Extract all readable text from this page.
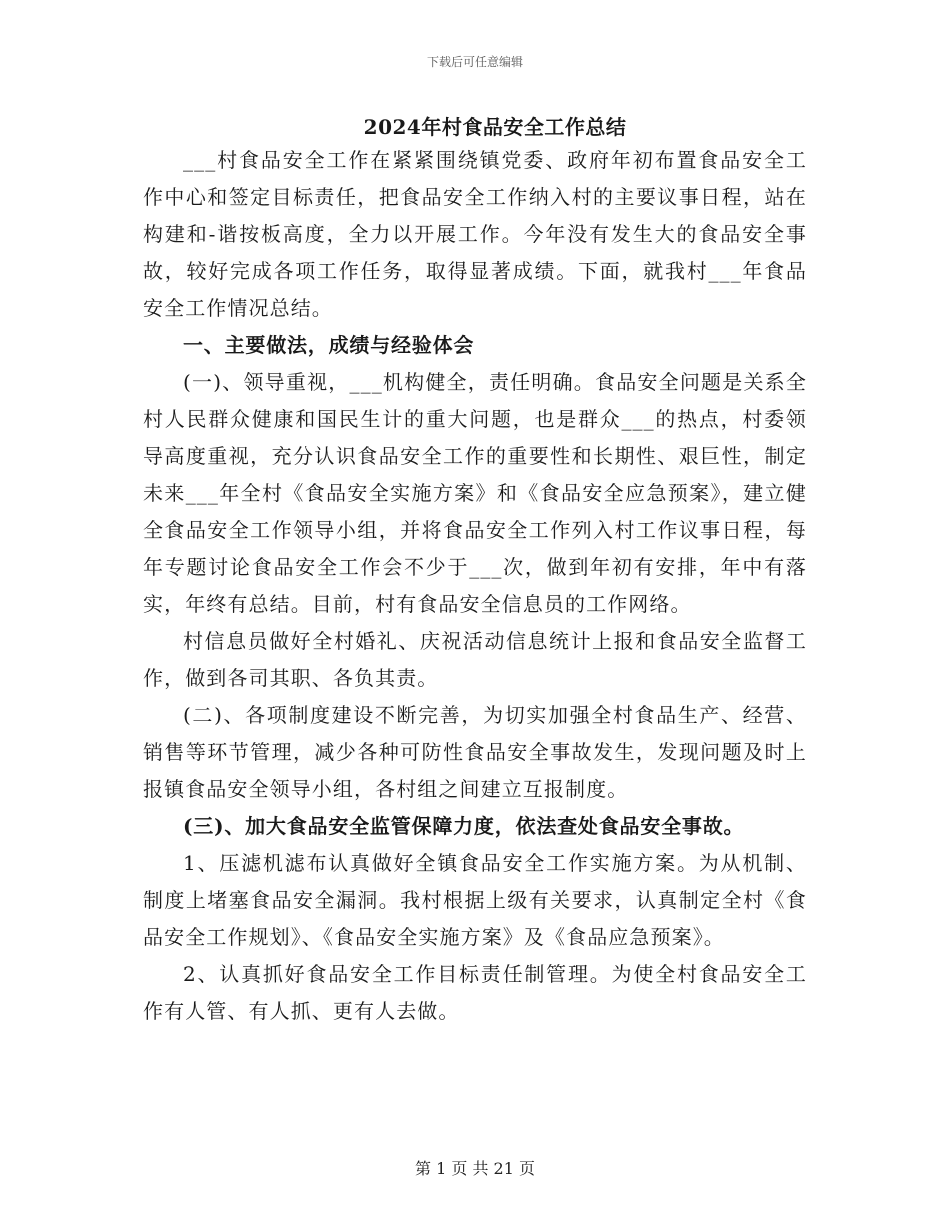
下载后可任意编辑
2024年村食品安全工作总结

___村食品安全工作在紧紧围绕镇党委、政府年初布置食品安全工作中心和签定目标责任，把食品安全工作纳入村的主要议事日程，站在构建和-谐按板高度，全力以开展工作。今年没有发生大的食品安全事故，较好完成各项工作任务，取得显著成绩。下面，就我村___年食品安全工作情况总结。

一、主要做法，成绩与经验体会

(一)、领导重视，___机构健全，责任明确。食品安全问题是关系全村人民群众健康和国民生计的重大问题，也是群众___的热点，村委领导高度重视，充分认识食品安全工作的重要性和长期性、艰巨性，制定未来___年全村《食品安全实施方案》和《食品安全应急预案》，建立健全食品安全工作领导小组，并将食品安全工作列入村工作议事日程，每年专题讨论食品安全工作会不少于___次，做到年初有安排，年中有落实，年终有总结。目前，村有食品安全信息员的工作网络。

村信息员做好全村婚礼、庆祝活动信息统计上报和食品安全监督工作，做到各司其职、各负其责。

(二)、各项制度建设不断完善，为切实加强全村食品生产、经营、销售等环节管理，减少各种可防性食品安全事故发生，发现问题及时上报镇食品安全领导小组，各村组之间建立互报制度。

(三)、加大食品安全监管保障力度，依法查处食品安全事故。

1、压滤机滤布认真做好全镇食品安全工作实施方案。为从机制、制度上堵塞食品安全漏洞。我村根据上级有关要求，认真制定全村《食品安全工作规划》、《食品安全实施方案》及《食品应急预案》。

2、认真抓好食品安全工作目标责任制管理。为使全村食品安全工作有人管、有人抓、更有人去做。

第 1 页 共 21 页
